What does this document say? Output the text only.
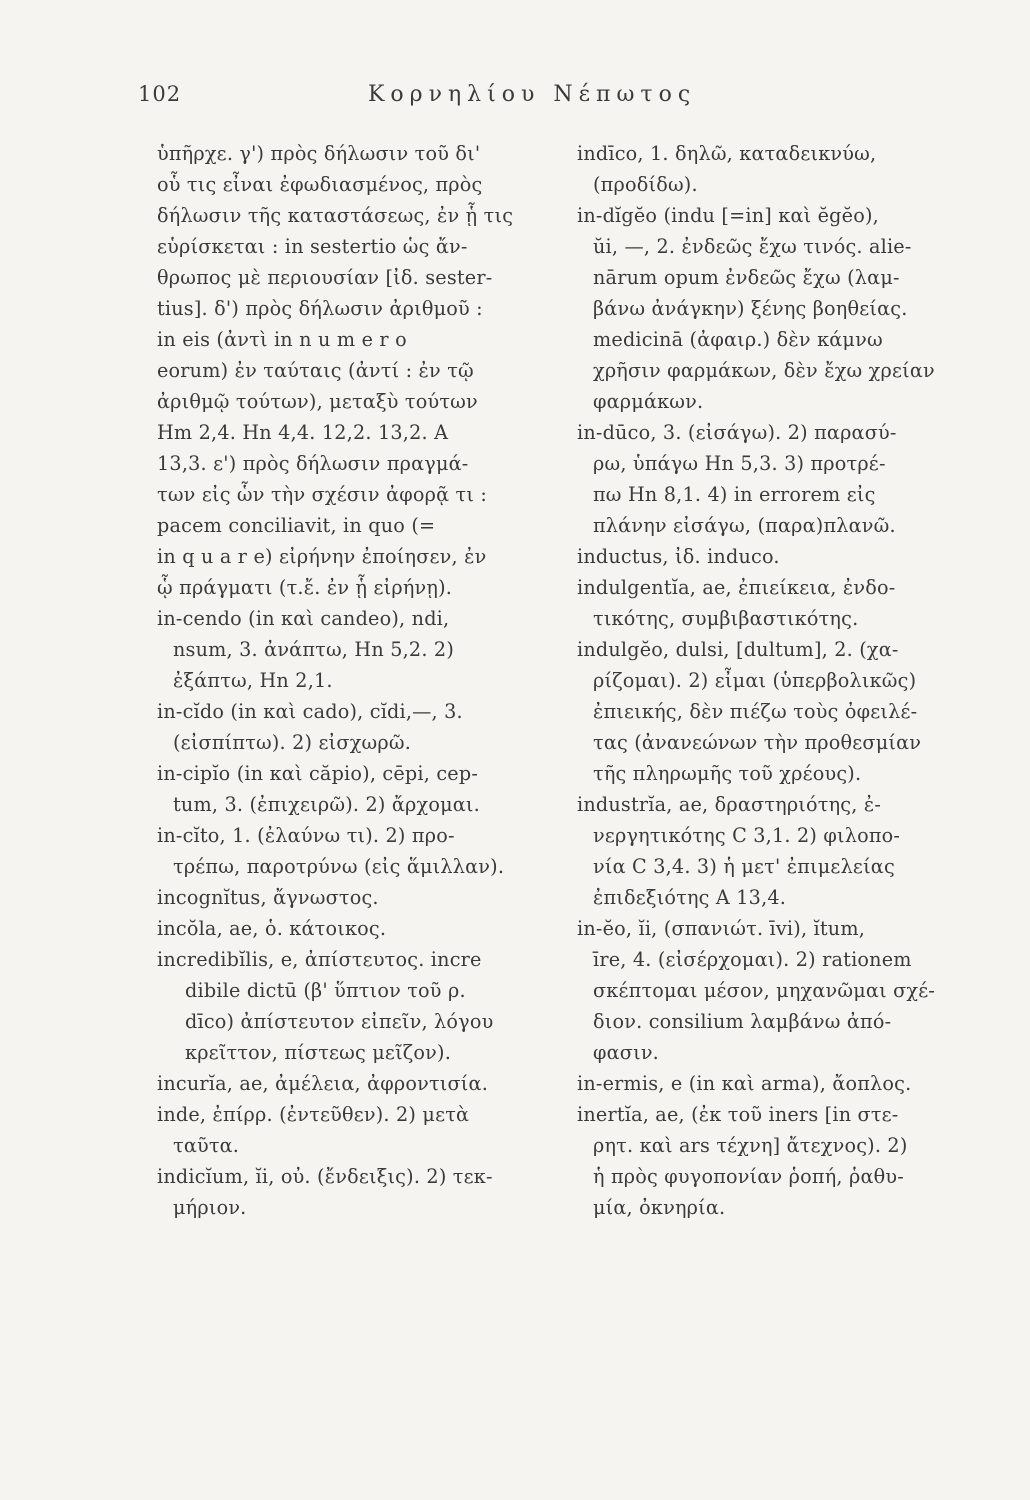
102	Κορνηλίου Νέπωτος
ὑπῆρχε. γ') πρὸς δήλωσιν τοῦ δι'
οὗ τις εἶναι ἐφωδιασμένος, πρὸς
δήλωσιν τῆς καταστάσεως, ἐν ᾗ τις
εὑρίσκεται : in sestertio ὡς ἄν-
θρωπος μὲ περιουσίαν [ἰδ. sester-
tius]. δ') πρὸς δήλωσιν ἀριθμοῦ :
in eis (ἀντὶ in n u m e r o
eorum) ἐν ταύταις (ἀντί : ἐν τῷ
ἀριθμῷ τούτων), μεταξὺ τούτων
Hm 2,4. Hn 4,4. 12,2. 13,2. A
13,3. ε') πρὸς δήλωσιν πραγμά-
των εἰς ὧν τὴν σχέσιν ἀφορᾷ τι :
pacem conciliavit, in quo (=
in q u a r e) εἰρήνην ἐποίησεν, ἐν
ᾧ πράγματι (τ.ἔ. ἐν ᾗ εἰρήνῃ).
in-cendo (in καὶ candeo), ndi,
nsum, 3. ἀνάπτω, Hn 5,2. 2)
ἐξάπτω, Hn 2,1.
in-cĭdo (in καὶ cado), cĭdi,—, 3.
(εἰσπίπτω). 2) εἰσχωρῶ.
in-cipĭo (in καὶ căpio), cēpi, cep-
tum, 3. (ἐπιχειρῶ). 2) ἄρχομαι.
in-cĭto, 1. (ἐλαύνω τι). 2) προ-
τρέπω, παροτρύνω (εἰς ἅμιλλαν).
incognĭtus, ἄγνωστος.
incŏla, ae, ὁ. κάτοικος.
incredibĭlis, e, ἀπίστευτος. incre
dibile dictū (β' ὕπτιον τοῦ ρ.
dīco) ἀπίστευτον εἰπεῖν, λόγου
κρεῖττον, πίστεως μεῖζον).
incurĭa, ae, ἀμέλεια, ἀφροντισία.
inde, ἐπίρρ. (ἐντεῦθεν). 2) μετὰ
ταῦτα.
indicĭum, ĭi, οὐ. (ἔνδειξις). 2) τεκ-
μήριον.
indīco, 1. δηλῶ, καταδεικνύω,
(προδίδω).
in-dĭgĕo (indu [=in] καὶ ĕgĕo),
ŭi, —, 2. ἐνδεῶς ἔχω τινός. alie-
nārum opum ἐνδεῶς ἔχω (λαμ-
βάνω ἀνάγκην) ξένης βοηθείας.
medicinā (ἀφαιρ.) δὲν κάμνω
χρῆσιν φαρμάκων, δὲν ἔχω χρείαν
φαρμάκων.
in-dūco, 3. (εἰσάγω). 2) παρασύ-
ρω, ὑπάγω Hn 5,3. 3) προτρέ-
πω Hn 8,1. 4) in errorem εἰς
πλάνην εἰσάγω, (παρα)πλανῶ.
inductus, ἰδ. induco.
indulgentĭa, ae, ἐπιείκεια, ἐνδο-
τικότης, συμβιβαστικότης.
indulgĕo, dulsi, [dultum], 2. (χα-
ρίζομαι). 2) εἶμαι (ὑπερβολικῶς)
ἐπιεικής, δὲν πιέζω τοὺς ὀφειλέ-
τας (ἀνανεώνων τὴν προθεσμίαν
τῆς πληρωμῆς τοῦ χρέους).
industrĭa, ae, δραστηριότης, ἐ-
νεργητικότης C 3,1. 2) φιλοπο-
νία C 3,4. 3) ἡ μετ' ἐπιμελείας
ἐπιδεξιότης A 13,4.
in-ĕo, ĭi, (σπανιώτ. īvi), ĭtum,
īre, 4. (εἰσέρχομαι). 2) rationem
σκέπτομαι μέσον, μηχανῶμαι σχέ-
διον. consilium λαμβάνω ἀπό-
φασιν.
in-ermis, e (in καὶ arma), ἄοπλος.
inertĭa, ae, (ἐκ τοῦ iners [in στε-
ρητ. καὶ ars τέχνη] ἄτεχνος). 2)
ἡ πρὸς φυγοπονίαν ῥοπή, ῥαθυ-
μία, ὀκνηρία.
